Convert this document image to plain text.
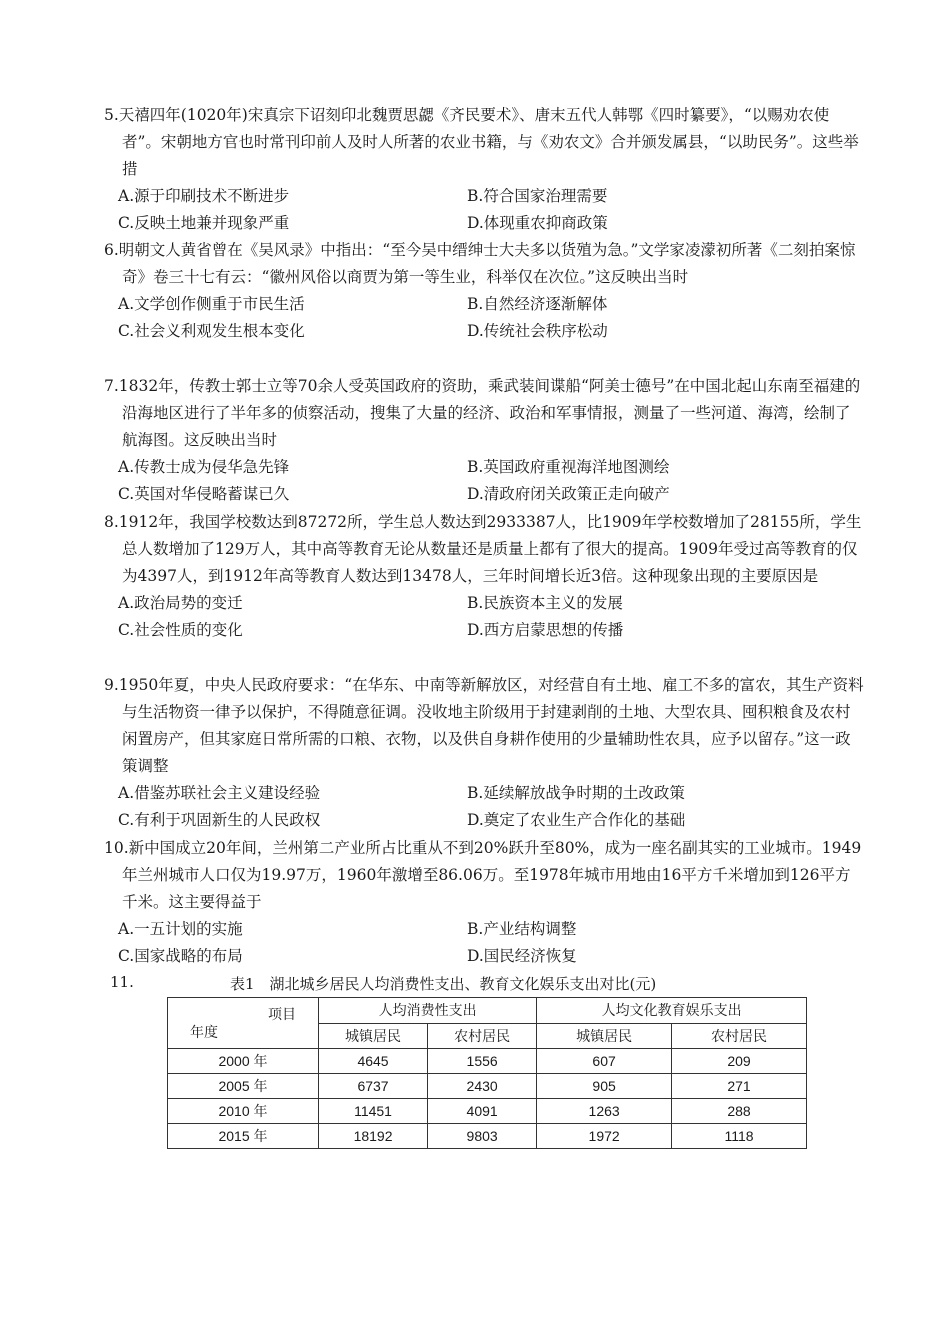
5.天禧四年(1020年)宋真宗下诏刻印北魏贾思勰《齐民要术》、唐末五代人韩鄂《四时纂要》，“以赐劝农使者”。宋朝地方官也时常刊印前人及时人所著的农业书籍，与《劝农文》合并颁发属县，“以助民务”。这些举措
A.源于印刷技术不断进步	B.符合国家治理需要
C.反映土地兼并现象严重	D.体现重农抑商政策
6.明朝文人黄省曾在《吴风录》中指出：“至今吴中缙绅士大夫多以货殖为急。”文学家凌濛初所著《二刻拍案惊奇》卷三十七有云：“徽州风俗以商贾为第一等生业，科举仅在次位。”这反映出当时
A.文学创作侧重于市民生活	B.自然经济逐渐解体
C.社会义利观发生根本变化	D.传统社会秩序松动
7.1832年，传教士郭士立等70余人受英国政府的资助，乘武装间谍船“阿美士德号”在中国北起山东南至福建的沿海地区进行了半年多的侦察活动，搜集了大量的经济、政治和军事情报，测量了一些河道、海湾，绘制了航海图。这反映出当时
A.传教士成为侵华急先锋	B.英国政府重视海洋地图测绘
C.英国对华侵略蓄谋已久	D.清政府闭关政策正走向破产
8.1912年，我国学校数达到87272所，学生总人数达到2933387人，比1909年学校数增加了28155所，学生总人数增加了129万人，其中高等教育无论从数量还是质量上都有了很大的提高。1909年受过高等教育的仅为4397人，到1912年高等教育人数达到13478人，三年时间增长近3倍。这种现象出现的主要原因是
A.政治局势的变迁	B.民族资本主义的发展
C.社会性质的变化	D.西方启蒙思想的传播
9.1950年夏，中央人民政府要求：“在华东、中南等新解放区，对经营自有土地、雇工不多的富农，其生产资料与生活物资一律予以保护，不得随意征调。没收地主阶级用于封建剥削的土地、大型农具、囤积粮食及农村闲置房产，但其家庭日常所需的口粮、衣物，以及供自身耕作使用的少量辅助性农具，应予以留存。”这一政策调整
A.借鉴苏联社会主义建设经验	B.延续解放战争时期的土改政策
C.有利于巩固新生的人民政权	D.奠定了农业生产合作化的基础
10.新中国成立20年间，兰州第二产业所占比重从不到20%跃升至80%，成为一座名副其实的工业城市。1949年兰州城市人口仅为19.97万，1960年激增至86.06万。至1978年城市用地由16平方千米增加到126平方千米。这主要得益于
A.一五计划的实施	B.产业结构调整
C.国家战略的布局	D.国民经济恢复
11.	表1　湖北城乡居民人均消费性支出、教育文化娱乐支出对比(元)
项目
年度	人均消费性支出		人均文化教育娱乐支出	
	城镇居民	农村居民	城镇居民	农村居民
2000 年	4645	1556	607	209
2005 年	6737	2430	905	271
2010 年	11451	4091	1263	288
2015 年	18192	9803	1972	1118
